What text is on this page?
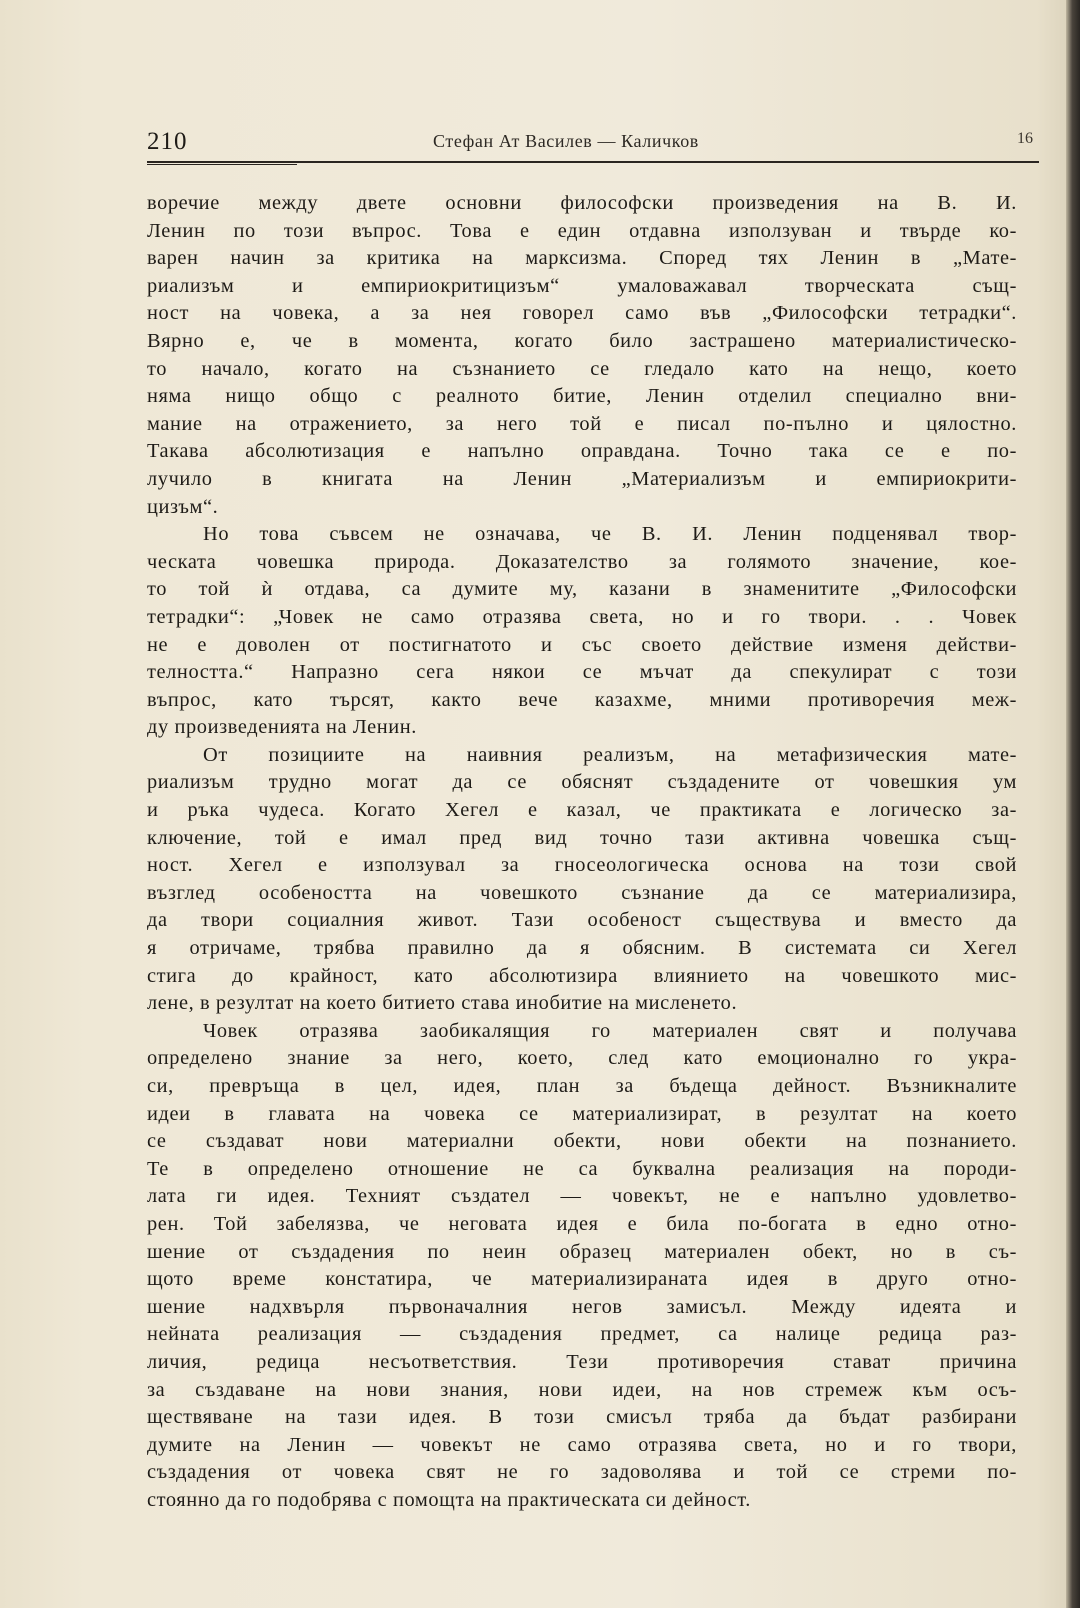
210	Стефан Ат Василев — Каличков	16
воречие между двете основни философски произведения на В. И.
Ленин по този въпрос. Това е един отдавна използуван и твърде ко-
варен начин за критика на марксизма. Според тях Ленин в „Мате-
риализъм и емпириокритицизъм“ умаловажавал творческата същ-
ност на човека, а за нея говорел само във „Философски тетрадки“.
Вярно е, че в момента, когато било застрашено материалистическо-
то начало, когато на съзнанието се гледало като на нещо, което
няма нищо общо с реалното битие, Ленин отделил специално вни-
мание на отражението, за него той е писал по-пълно и цялостно.
Такава абсолютизация е напълно оправдана. Точно така се е по-
лучило в книгата на Ленин „Материализъм и емпириокрити-
цизъм“.
Но това съвсем не означава, че В. И. Ленин подценявал твор-
ческата човешка природа. Доказателство за голямото значение, кое-
то той ѝ отдава, са думите му, казани в знаменитите „Философски
тетрадки“: „Човек не само отразява света, но и го твори. . . Човек
не е доволен от постигнатото и със своето действие изменя действи-
телността.“ Напразно сега някои се мъчат да спекулират с този
въпрос, като търсят, както вече казахме, мними противоречия меж-
ду произведенията на Ленин.
От позициите на наивния реализъм, на метафизическия мате-
риализъм трудно могат да се обяснят създадените от човешкия ум
и ръка чудеса. Когато Хегел е казал, че практиката е логическо за-
ключение, той е имал пред вид точно тази активна човешка същ-
ност. Хегел е използувал за гносеологическа основа на този свой
възглед особеността на човешкото съзнание да се материализира,
да твори социалния живот. Тази особеност съществува и вместо да
я отричаме, трябва правилно да я обясним. В системата си Хегел
стига до крайност, като абсолютизира влиянието на човешкото мис-
лене, в резултат на което битието става инобитие на мисленето.
Човек отразява заобикалящия го материален свят и получава
определено знание за него, което, след като емоционално го укра-
си, превръща в цел, идея, план за бъдеща дейност. Възникналите
идеи в главата на човека се материализират, в резултат на което
се създават нови материални обекти, нови обекти на познанието.
Те в определено отношение не са буквална реализация на породи-
лата ги идея. Техният създател — човекът, не е напълно удовлетво-
рен. Той забелязва, че неговата идея е била по-богата в едно отно-
шение от създадения по неин образец материален обект, но в съ-
щото време констатира, че материализираната идея в друго отно-
шение надхвърля първоначалния негов замисъл. Между идеята и
нейната реализация — създадения предмет, са налице редица раз-
личия, редица несъответствия. Тези противоречия стават причина
за създаване на нови знания, нови идеи, на нов стремеж към осъ-
ществяване на тази идея. В този смисъл тряба да бъдат разбирани
думите на Ленин — човекът не само отразява света, но и го твори,
създадения от човека свят не го задоволява и той се стреми по-
стоянно да го подобрява с помощта на практическата си дейност.
